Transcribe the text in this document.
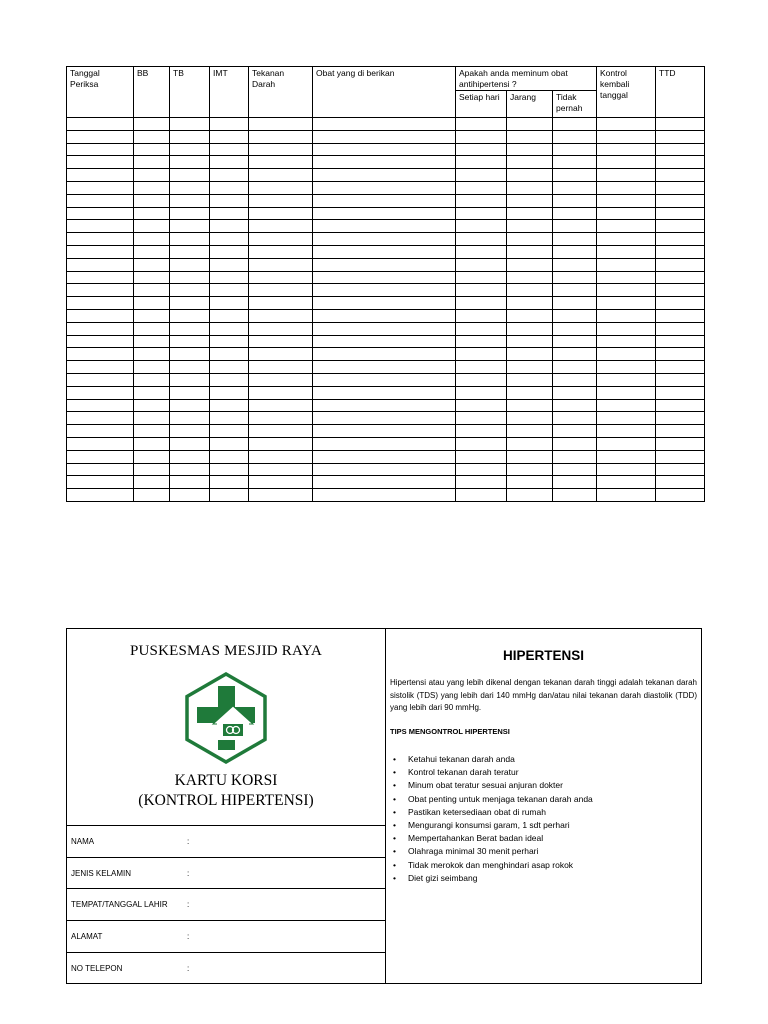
Tanggal Periksa	BB	TB	IMT	Tekanan Darah	Obat yang di berikan	Apakah anda meminum obat antihipertensi ?			Kontrol kembali tanggal	TTD
						Setiap hari	Jarang	Tidak pernah		

PUSKESMAS MESJID RAYA
KARTU KORSI
(KONTROL HIPERTENSI)
NAMA	:
JENIS KELAMIN	:
TEMPAT/TANGGAL LAHIR :
ALAMAT	:
NO TELEPON	:
HIPERTENSI

Hipertensi atau yang lebih dikenal dengan tekanan darah tinggi adalah tekanan darah sistolik (TDS) yang lebih dari 140 mmHg dan/atau nilai tekanan darah diastolik (TDD) yang lebih dari 90 mmHg.

TIPS MENGONTROL HIPERTENSI
• Ketahui tekanan darah anda
• Kontrol tekanan darah teratur
• Minum obat teratur sesuai anjuran dokter
• Obat penting untuk menjaga tekanan darah anda
• Pastikan ketersediaan obat di rumah
• Mengurangi konsumsi garam, 1 sdt perhari
• Mempertahankan Berat badan ideal
• Olahraga minimal 30 menit perhari
• Tidak merokok dan menghindari asap rokok
• Diet gizi seimbang
